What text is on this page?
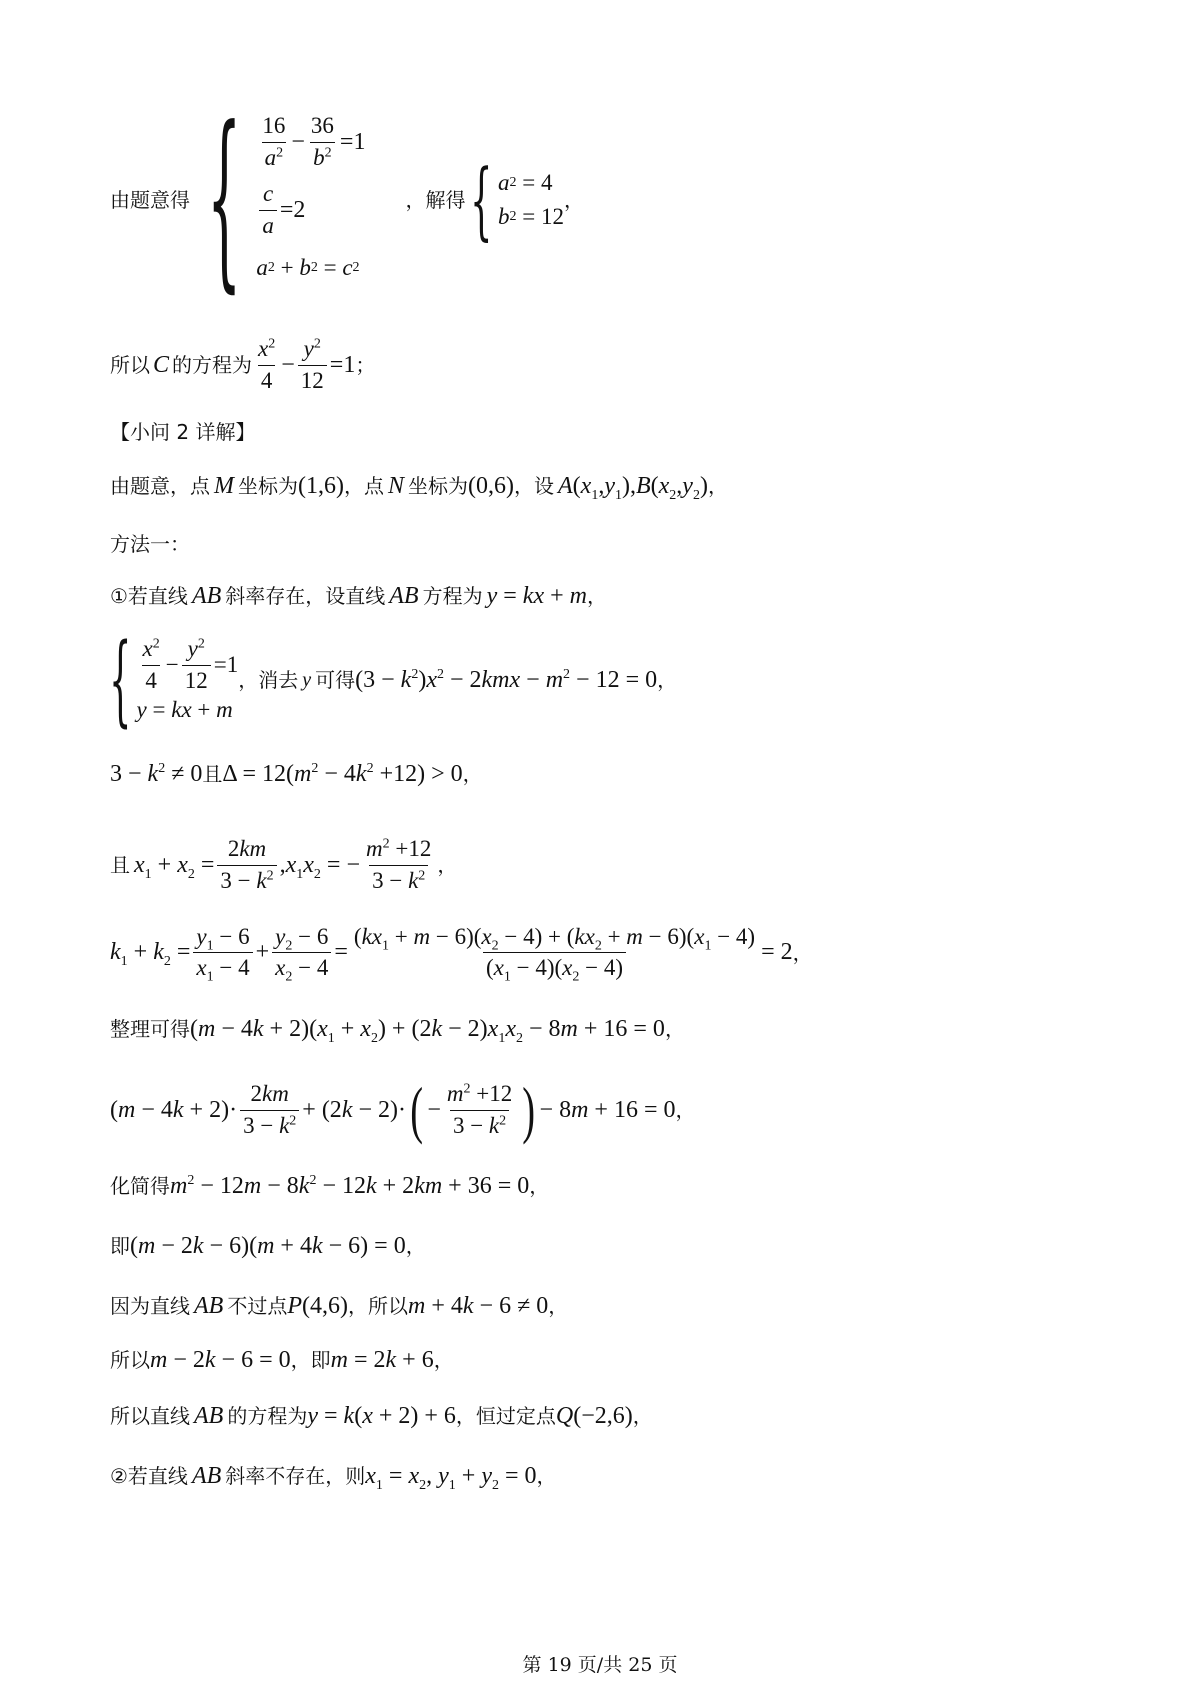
由题意得 { $\frac{16}{a^2} - \frac{36}{b^2} =1$
$\frac{c}{a} =2$
a 2 + b 2 = c 2
，解得 { a 2 = 4
b 2 = 12
，
所以 C 的方程为 $\frac{x^2}{4} - \frac{y^2}{12} =1$ ；
【小问 2 详解】
由题意，点 M 坐标为 (1,6) ，点 N 坐标为 (0,6) ，设 $A(x_1,y_1),B(x_2,y_2)$ ，
方法一：
①若直线 AB 斜率存在，设直线 AB 方程为 y = kx + m ，
{ $\frac{x^2}{4} - \frac{y^2}{12} =1$
y = kx + m
，消去 y 可得 $(3 - k^2)x^2 - 2kmx - m^2 - 12 = 0$ ，
$3 - k^2 \ne 0$ 且 $\Delta = 12(m^2 - 4k^2 +12) > 0$ ，
且 $x_1 + x_2 = \frac{2km}{3 - k^2} ,x_1x_2$ = − $\frac{m^2 +12}{3 - k^2}$ ，
$k_1 + k_2 = \frac{y_1 - 6}{x_1 - 4} + \frac{y_2 - 6}{x_2 - 4} = \frac{(kx_1 + m - 6)(x_2 - 4) + (kx_2 + m - 6)(x_1 - 4)}{(x_1 - 4)(x_2 - 4)} = 2$ ，
整理可得 $(m - 4k + 2)(x_1 + x_2) + (2k - 2)x_1x_2 - 8m + 16 = 0$ ，
$(m - 4k + 2)\cdot \frac{2km}{3 - k^2} + (2k - 2)\cdot$ ( − $\frac{m^2 +12}{3 - k^2}$ ) − 8m + 16 = 0 ，
化简得 $m^2 - 12m - 8k^2 - 12k + 2km + 36 = 0$ ，
即 (m − 2k − 6)(m + 4k − 6) = 0 ，
因为直线 AB 不过点 P(4,6) ，所以 m + 4k − 6 ≠ 0 ，
所以 m − 2k − 6 = 0 ，即 m = 2k + 6 ，
所以直线 AB 的方程为 y = k(x + 2) + 6 ，恒过定点 Q(−2,6) ，
②若直线 AB 斜率不存在，则 $x_1 = x_2$, $y_1 + y_2 = 0$ ，
第 19 页/共 25 页
